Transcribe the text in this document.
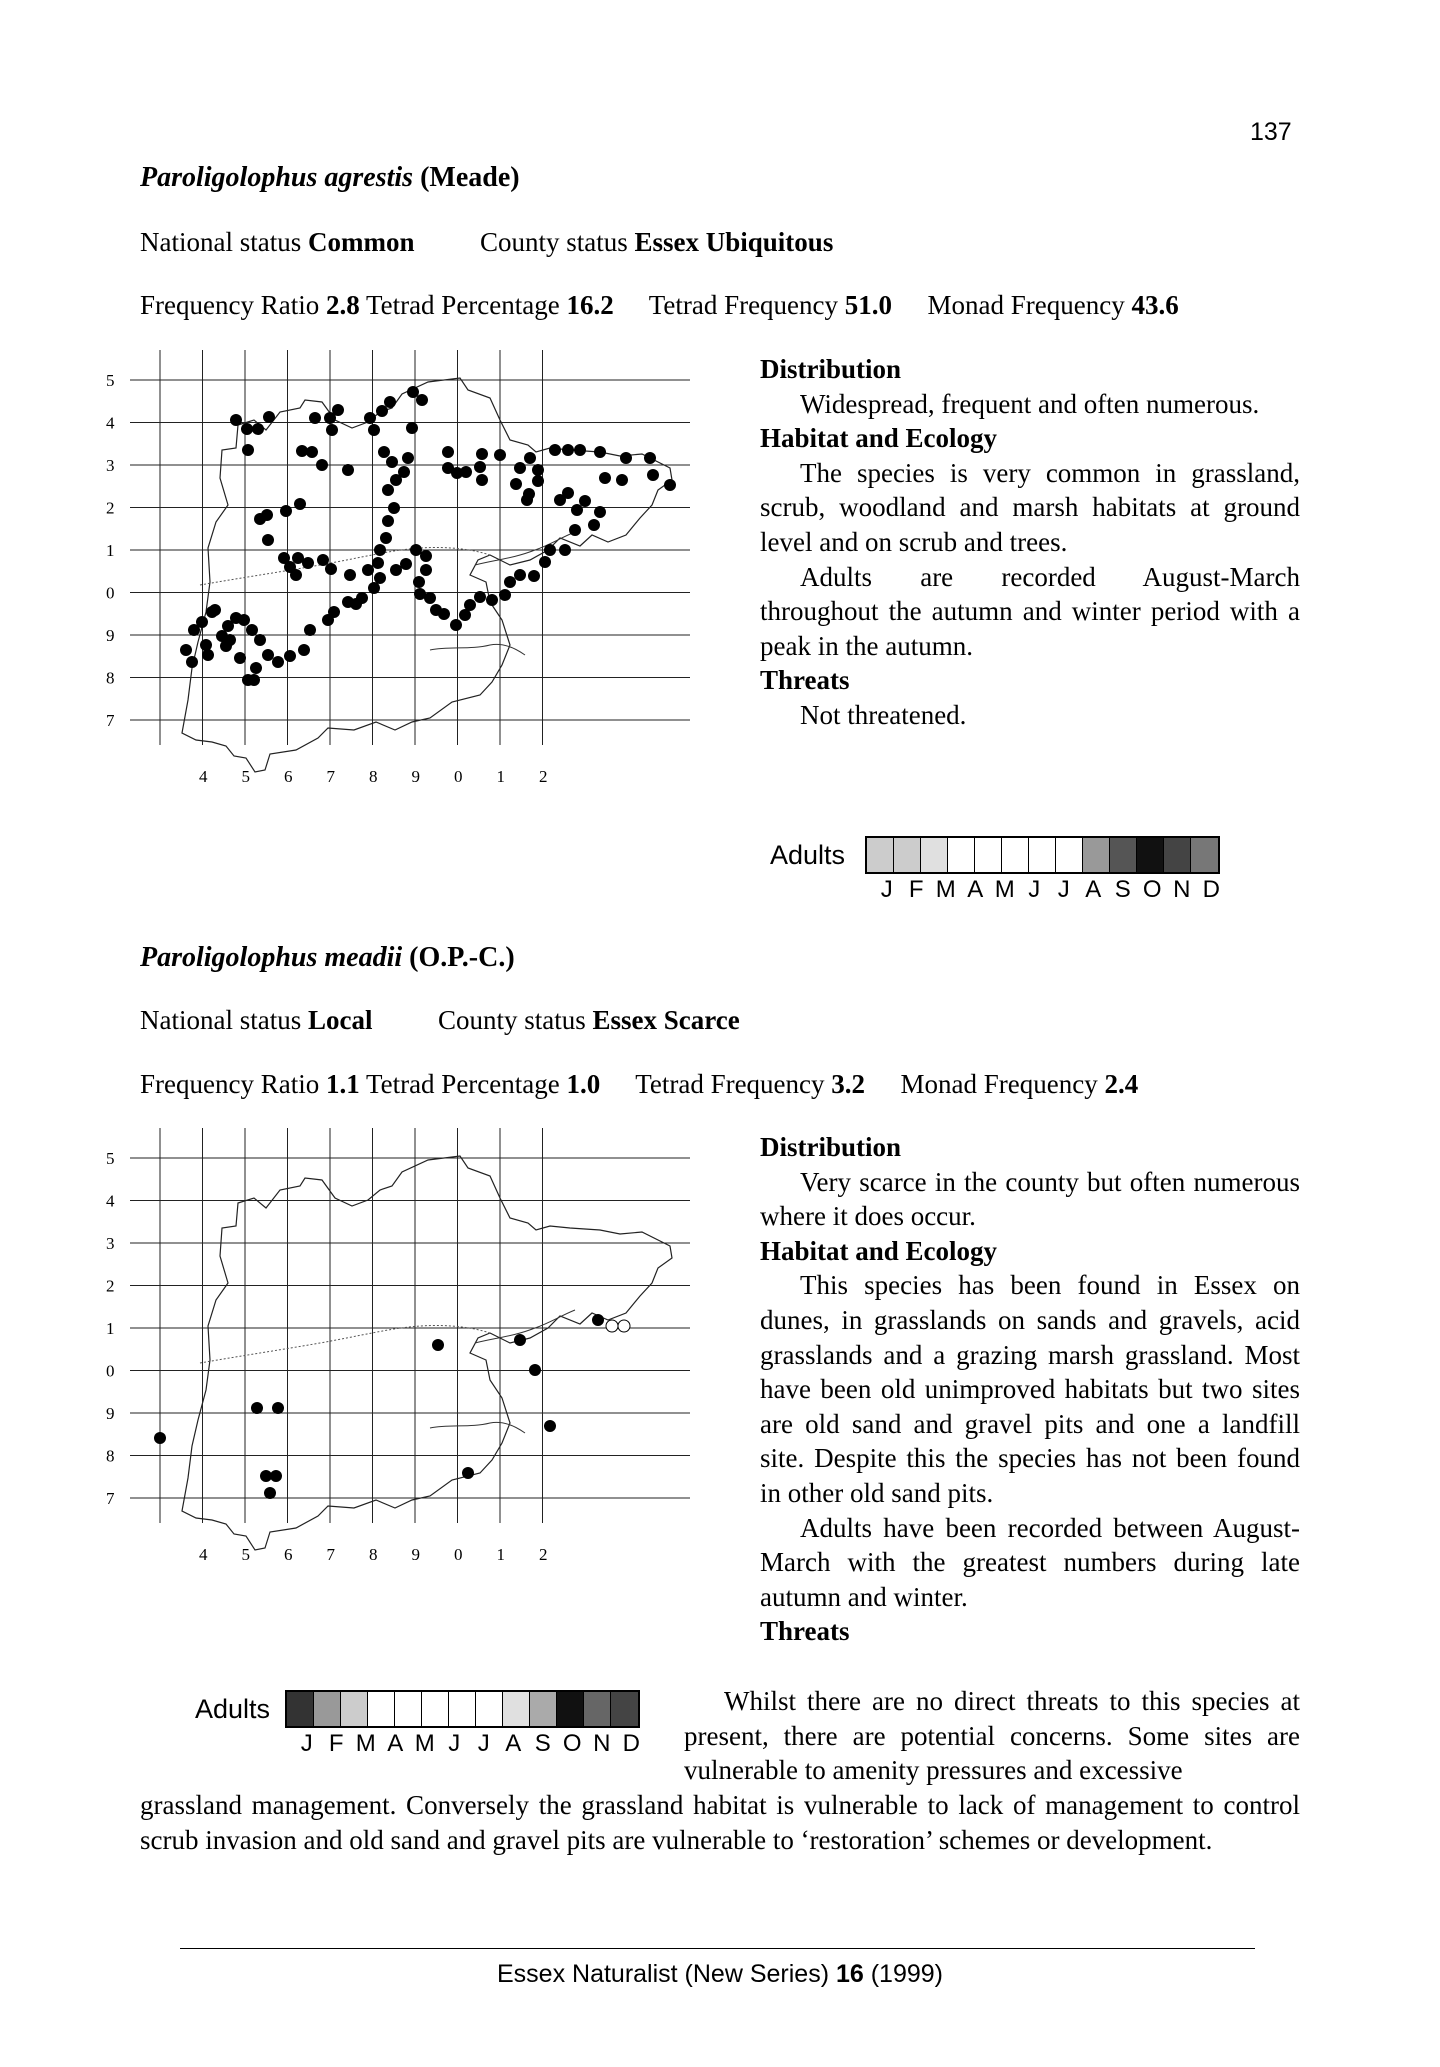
137
Paroligolophus agrestis (Meade)
National status Common County status Essex Ubiquitous
Frequency Ratio 2.8 Tetrad Percentage 16.2 Tetrad Frequency 51.0 Monad Frequency 43.6
5
4
3
2
1
0
9
8
7
4 5 6 7 8 9 0 1 2
Distribution

Widespread, frequent and often numerous.

Habitat and Ecology

The species is very common in grassland, scrub, woodland and marsh habitats at ground level and on scrub and trees.

Adults are recorded August-March throughout the autumn and winter period with a peak in the autumn.

Threats

Not threatened.

Adults
J F M A M J J A S O N D
Paroligolophus meadii (O.P.-C.)
National status Local County status Essex Scarce
Frequency Ratio 1.1 Tetrad Percentage 1.0 Tetrad Frequency 3.2 Monad Frequency 2.4
5
4
3
2
1
0
9
8
7
4 5 6 7 8 9 0 1 2
Distribution

Very scarce in the county but often numerous where it does occur.

Habitat and Ecology

This species has been found in Essex on dunes, in grasslands on sands and gravels, acid grasslands and a grazing marsh grassland. Most have been old unimproved habitats but two sites are old sand and gravel pits and one a landfill site. Despite this the species has not been found in other old sand pits.

Adults have been recorded between August-March with the greatest numbers during late autumn and winter.

Threats

Whilst there are no direct threats to this species at present, there are potential concerns. Some sites are vulnerable to amenity pressures and excessive

grassland management. Conversely the grassland habitat is vulnerable to lack of management to control scrub invasion and old sand and gravel pits are vulnerable to ‘restoration’ schemes or development.
Adults
J F M A M J J A S O N D
Essex Naturalist (New Series) 16 (1999)
